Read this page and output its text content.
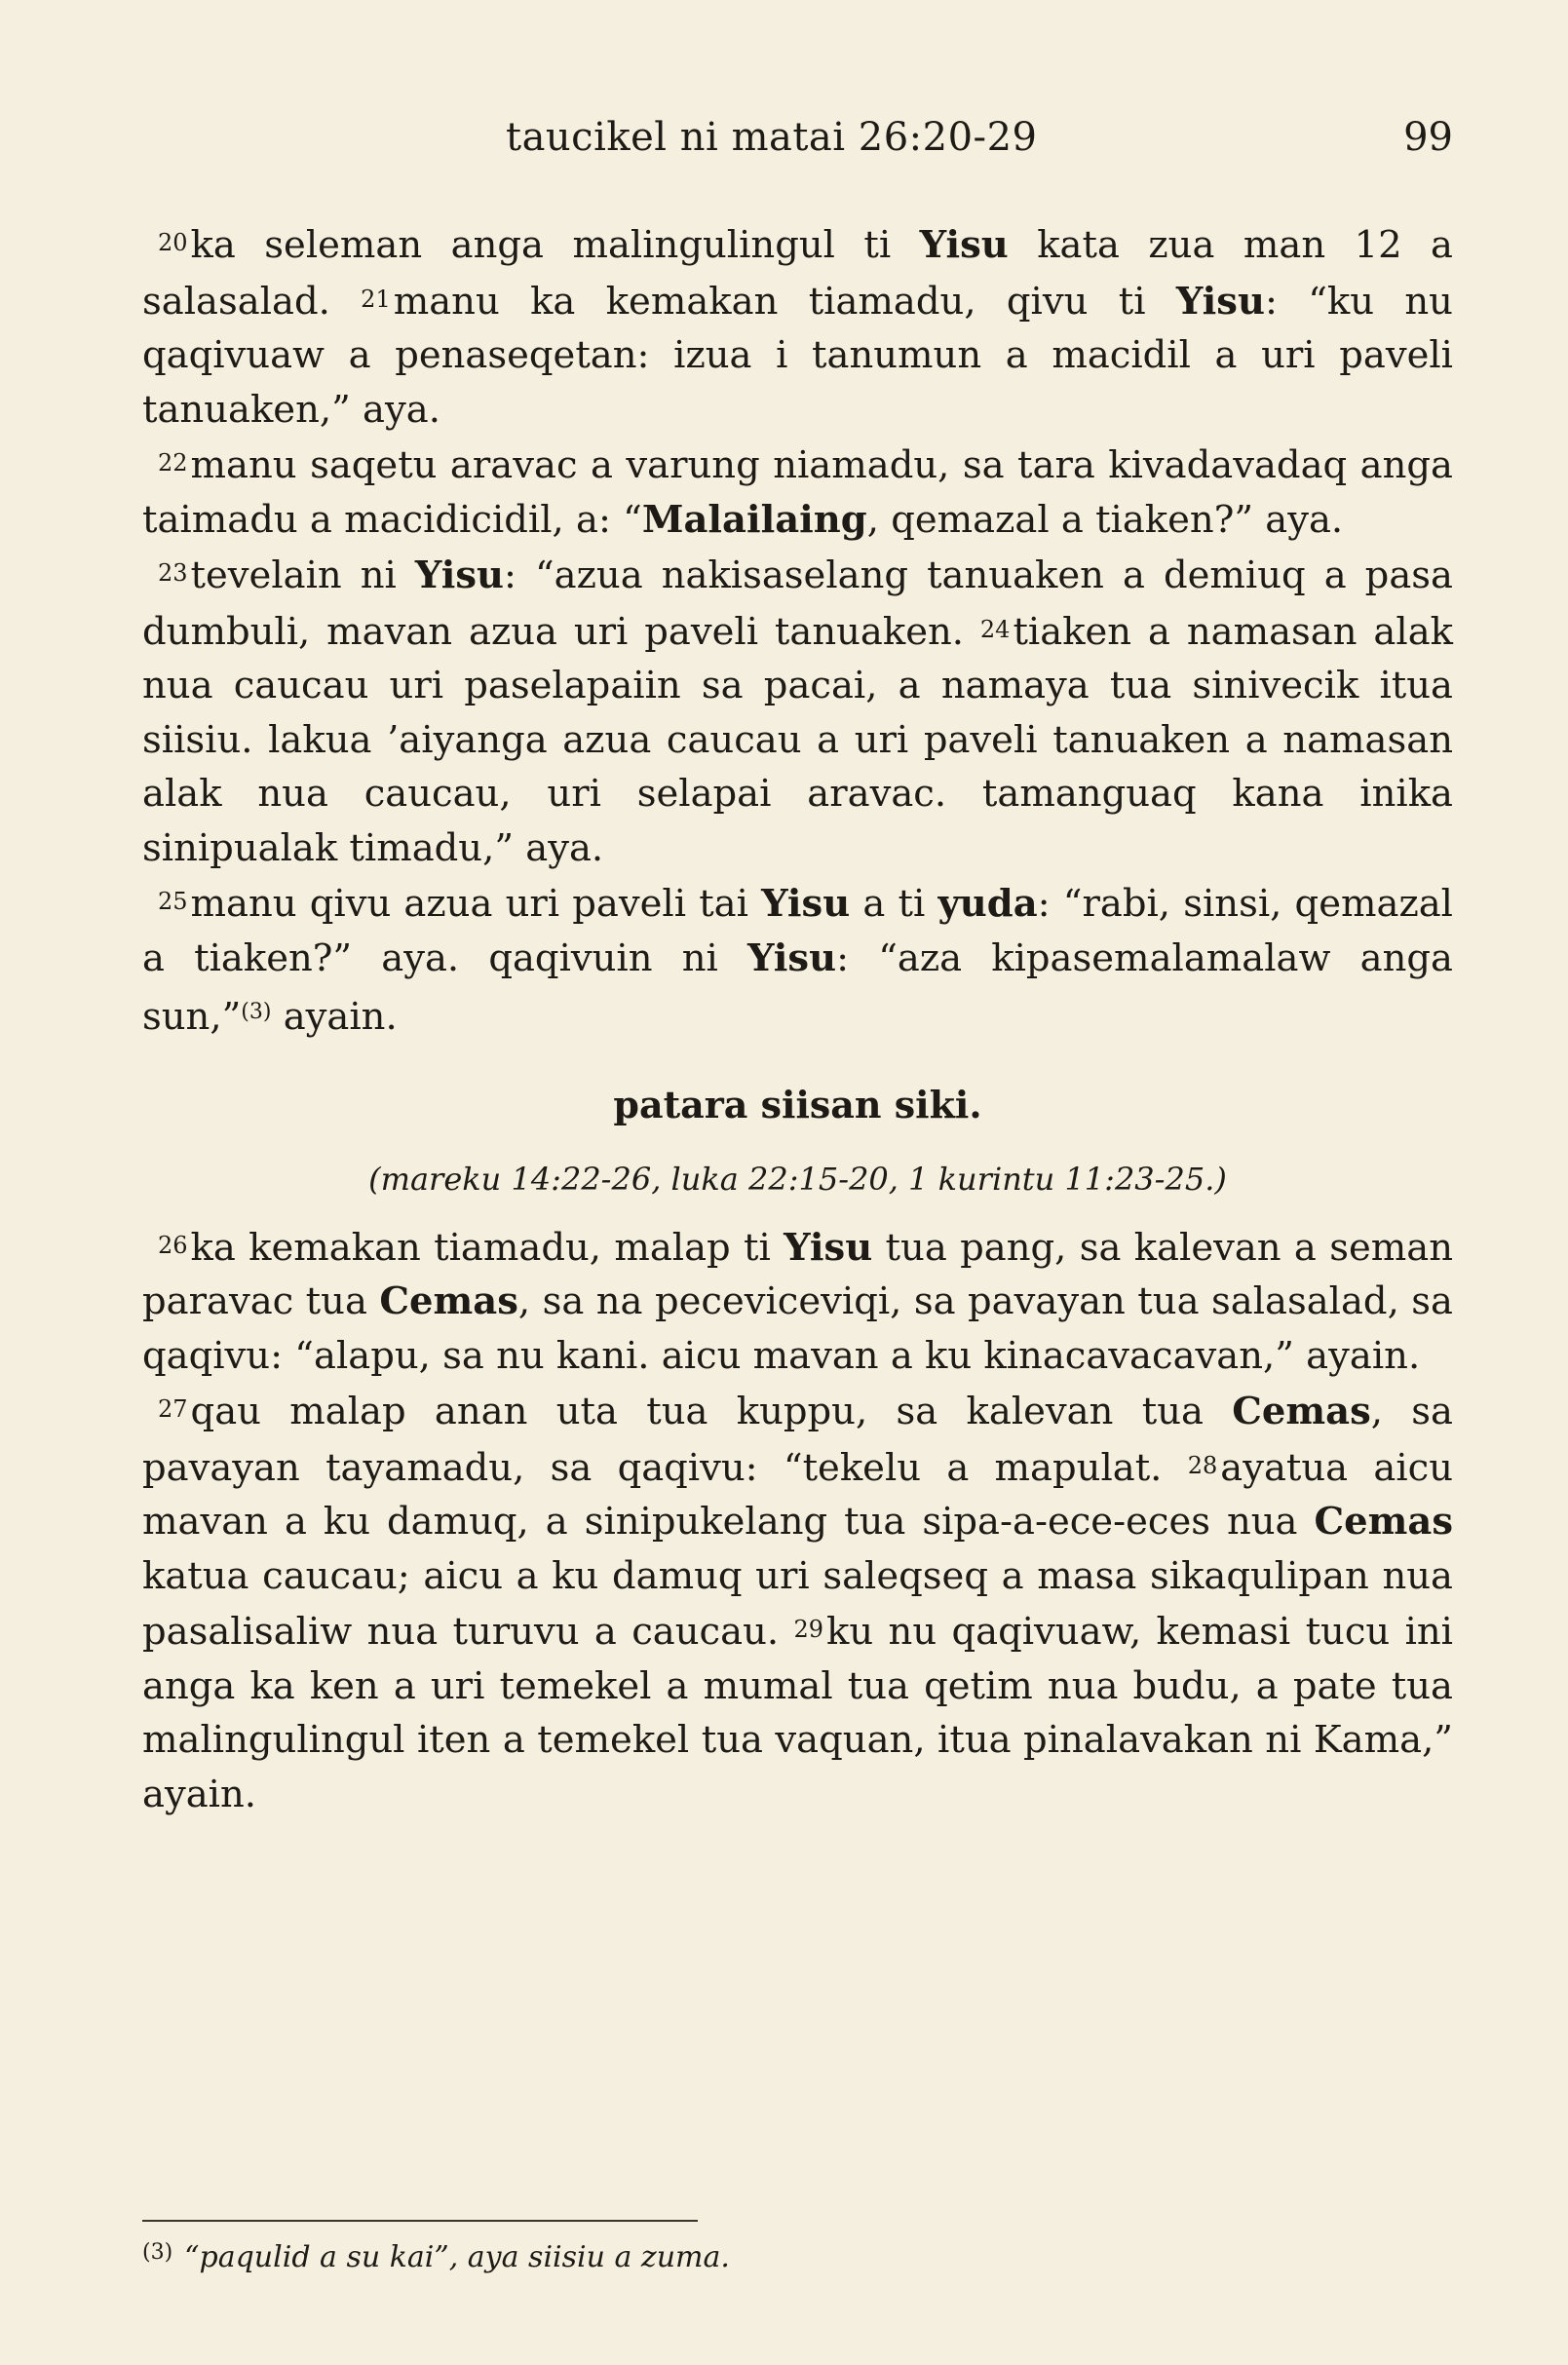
taucikel ni matai 26:20-29	99

20ka seleman anga malingulingul ti Yisu kata zua man 12 a salasalad. 21manu ka kemakan tiamadu, qivu ti Yisu: “ku nu qaqivuaw a penaseqetan: izua i tanumun a macidil a uri paveli tanuaken,” aya.

22manu saqetu aravac a varung niamadu, sa tara kivadavadaq anga taimadu a macidicidil, a: “Malailaing, qemazal a tiaken?” aya.

23tevelain ni Yisu: “azua nakisaselang tanuaken a demiuq a pasa dumbuli, mavan azua uri paveli tanuaken. 24tiaken a namasan alak nua caucau uri paselapaiin sa pacai, a namaya tua sinivecik itua siisiu. lakua ’aiyanga azua caucau a uri paveli tanuaken a namasan alak nua caucau, uri selapai aravac. tamanguaq kana inika sinipualak timadu,” aya.

25manu qivu azua uri paveli tai Yisu a ti yuda: “rabi, sinsi, qemazal a tiaken?” aya. qaqivuin ni Yisu: “aza kipasemalamalaw anga sun,”$^{(3)}$ ayain.

patara siisan siki.
(mareku 14:22-26, luka 22:15-20, 1 kurintu 11:23-25.)

26ka kemakan tiamadu, malap ti Yisu tua pang, sa kalevan a seman paravac tua Cemas, sa na peceviceviqi, sa pavayan tua salasalad, sa qaqivu: “alapu, sa nu kani. aicu mavan a ku kinacavacavan,” ayain.

27qau malap anan uta tua kuppu, sa kalevan tua Cemas, sa pavayan tayamadu, sa qaqivu: “tekelu a mapulat. 28ayatua aicu mavan a ku damuq, a sinipukelang tua sipa-a-ece-eces nua Cemas katua caucau; aicu a ku damuq uri saleqseq a masa sikaqulipan nua pasalisaliw nua turuvu a caucau. 29ku nu qaqivuaw, kemasi tucu ini anga ka ken a uri temekel a mumal tua qetim nua budu, a pate tua malingulingul iten a temekel tua vaquan, itua pinalavakan ni Kama,” ayain.

$^{(3)}$ “paqulid a su kai”, aya siisiu a zuma.
